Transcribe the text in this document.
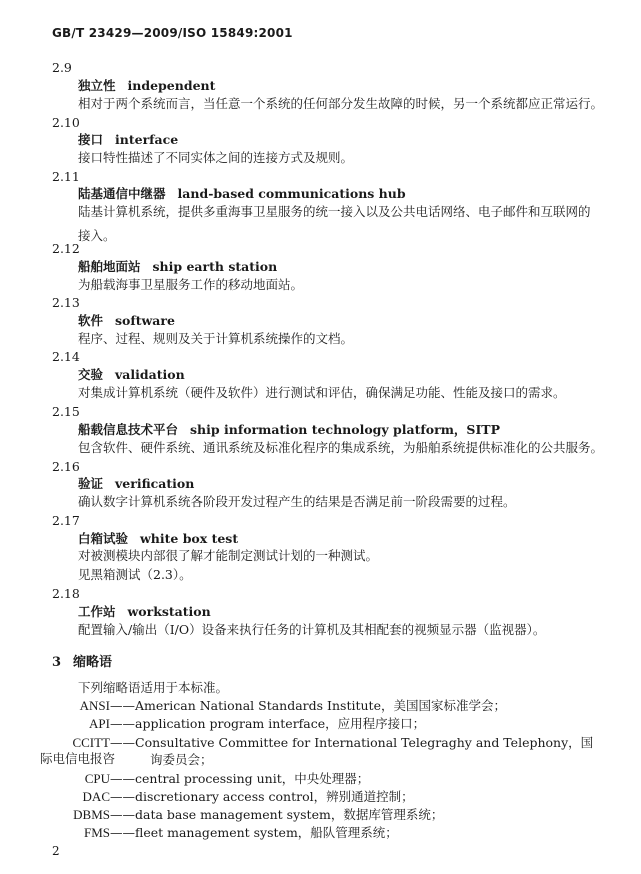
GB/T 23429—2009/ISO 15849:2001
2.9
独立性 independent
相对于两个系统而言，当任意一个系统的任何部分发生故障的时候，另一个系统都应正常运行。
2.10
接口 interface
接口特性描述了不同实体之间的连接方式及规则。
2.11
陆基通信中继器 land-based communications hub
陆基计算机系统，提供多重海事卫星服务的统一接入以及公共电话网络、电子邮件和互联网的接入。
2.12
船舶地面站 ship earth station
为船载海事卫星服务工作的移动地面站。
2.13
软件 software
程序、过程、规则及关于计算机系统操作的文档。
2.14
交验 validation
对集成计算机系统（硬件及软件）进行测试和评估，确保满足功能、性能及接口的需求。
2.15
船载信息技术平台 ship information technology platform，SITP
包含软件、硬件系统、通讯系统及标准化程序的集成系统，为船舶系统提供标准化的公共服务。
2.16
验证 verification
确认数字计算机系统各阶段开发过程产生的结果是否满足前一阶段需要的过程。
2.17
白箱试验 white box test
对被测模块内部很了解才能制定测试计划的一种测试。
见黑箱测试（2.3）。
2.18
工作站 workstation
配置输入/输出（I/O）设备来执行任务的计算机及其相配套的视频显示器（监视器）。
3 缩略语
下列缩略语适用于本标准。
ANSI——American National Standards Institute，美国国家标准学会；
API——application program interface，应用程序接口；
CCITT——Consultative Committee for International Telegraghy and Telephony，国际电信电报咨	询委员会；
CPU——central processing unit，中央处理器；
DAC——discretionary access control，辨别通道控制；
DBMS——data base management system，数据库管理系统；
FMS——fleet management system，船队管理系统；
2
